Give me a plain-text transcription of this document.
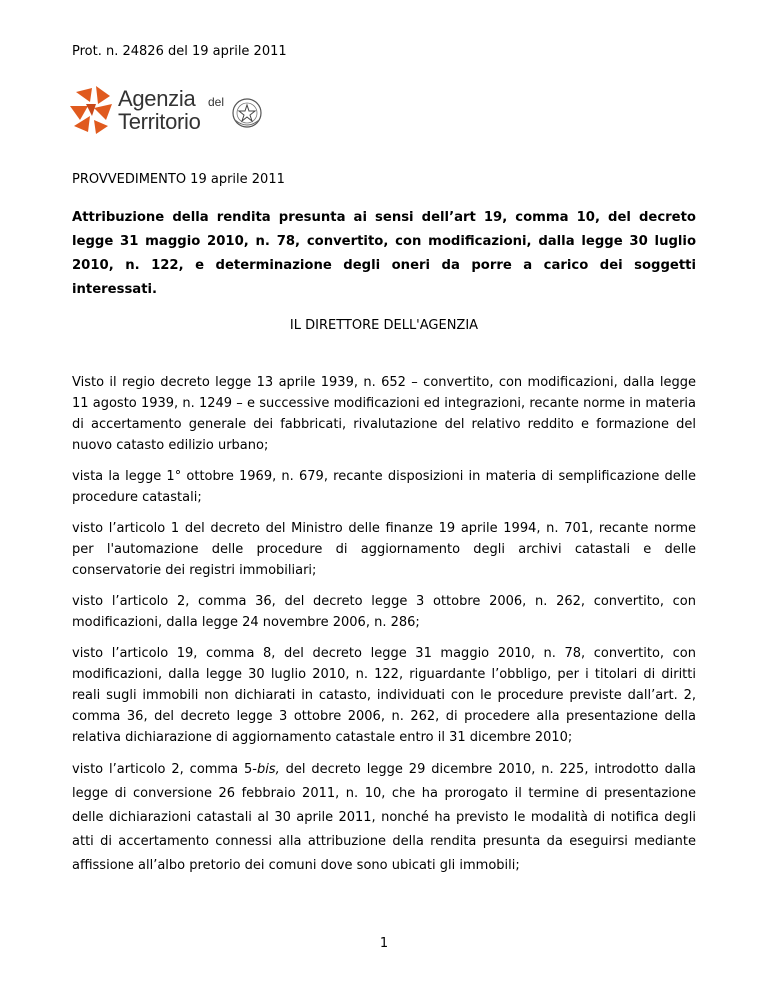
Prot. n. 24826 del 19 aprile 2011
Agenzia del
Territorio
PROVVEDIMENTO 19 aprile 2011
Attribuzione della rendita presunta ai sensi dell’art 19, comma 10, del decreto legge 31 maggio 2010, n. 78, convertito, con modificazioni, dalla legge 30 luglio 2010, n. 122, e determinazione degli oneri da porre a carico dei soggetti interessati.
IL DIRETTORE DELL'AGENZIA

Visto il regio decreto legge 13 aprile 1939, n. 652 – convertito, con modificazioni, dalla legge 11 agosto 1939, n. 1249 – e successive modificazioni ed integrazioni, recante norme in materia di accertamento generale dei fabbricati, rivalutazione del relativo reddito e formazione del nuovo catasto edilizio urbano;

vista la legge 1° ottobre 1969, n. 679, recante disposizioni in materia di semplificazione delle procedure catastali;

visto l’articolo 1 del decreto del Ministro delle finanze 19 aprile 1994, n. 701, recante norme per l'automazione delle procedure di aggiornamento degli archivi catastali e delle conservatorie dei registri immobiliari;

visto l’articolo 2, comma 36, del decreto legge 3 ottobre 2006, n. 262, convertito, con modificazioni, dalla legge 24 novembre 2006, n. 286;

visto l’articolo 19, comma 8, del decreto legge 31 maggio 2010, n. 78, convertito, con modificazioni, dalla legge 30 luglio 2010, n. 122, riguardante l’obbligo, per i titolari di diritti reali sugli immobili non dichiarati in catasto, individuati con le procedure previste dall’art. 2, comma 36, del decreto legge 3 ottobre 2006, n. 262, di procedere alla presentazione della relativa dichiarazione di aggiornamento catastale entro il 31 dicembre 2010;

visto l’articolo 2, comma 5-bis, del decreto legge 29 dicembre 2010, n. 225, introdotto dalla legge di conversione 26 febbraio 2011, n. 10, che ha prorogato il termine di presentazione delle dichiarazioni catastali al 30 aprile 2011, nonché ha previsto le modalità di notifica degli atti di accertamento connessi alla attribuzione della rendita presunta da eseguirsi mediante affissione all’albo pretorio dei comuni dove sono ubicati gli immobili;

1
